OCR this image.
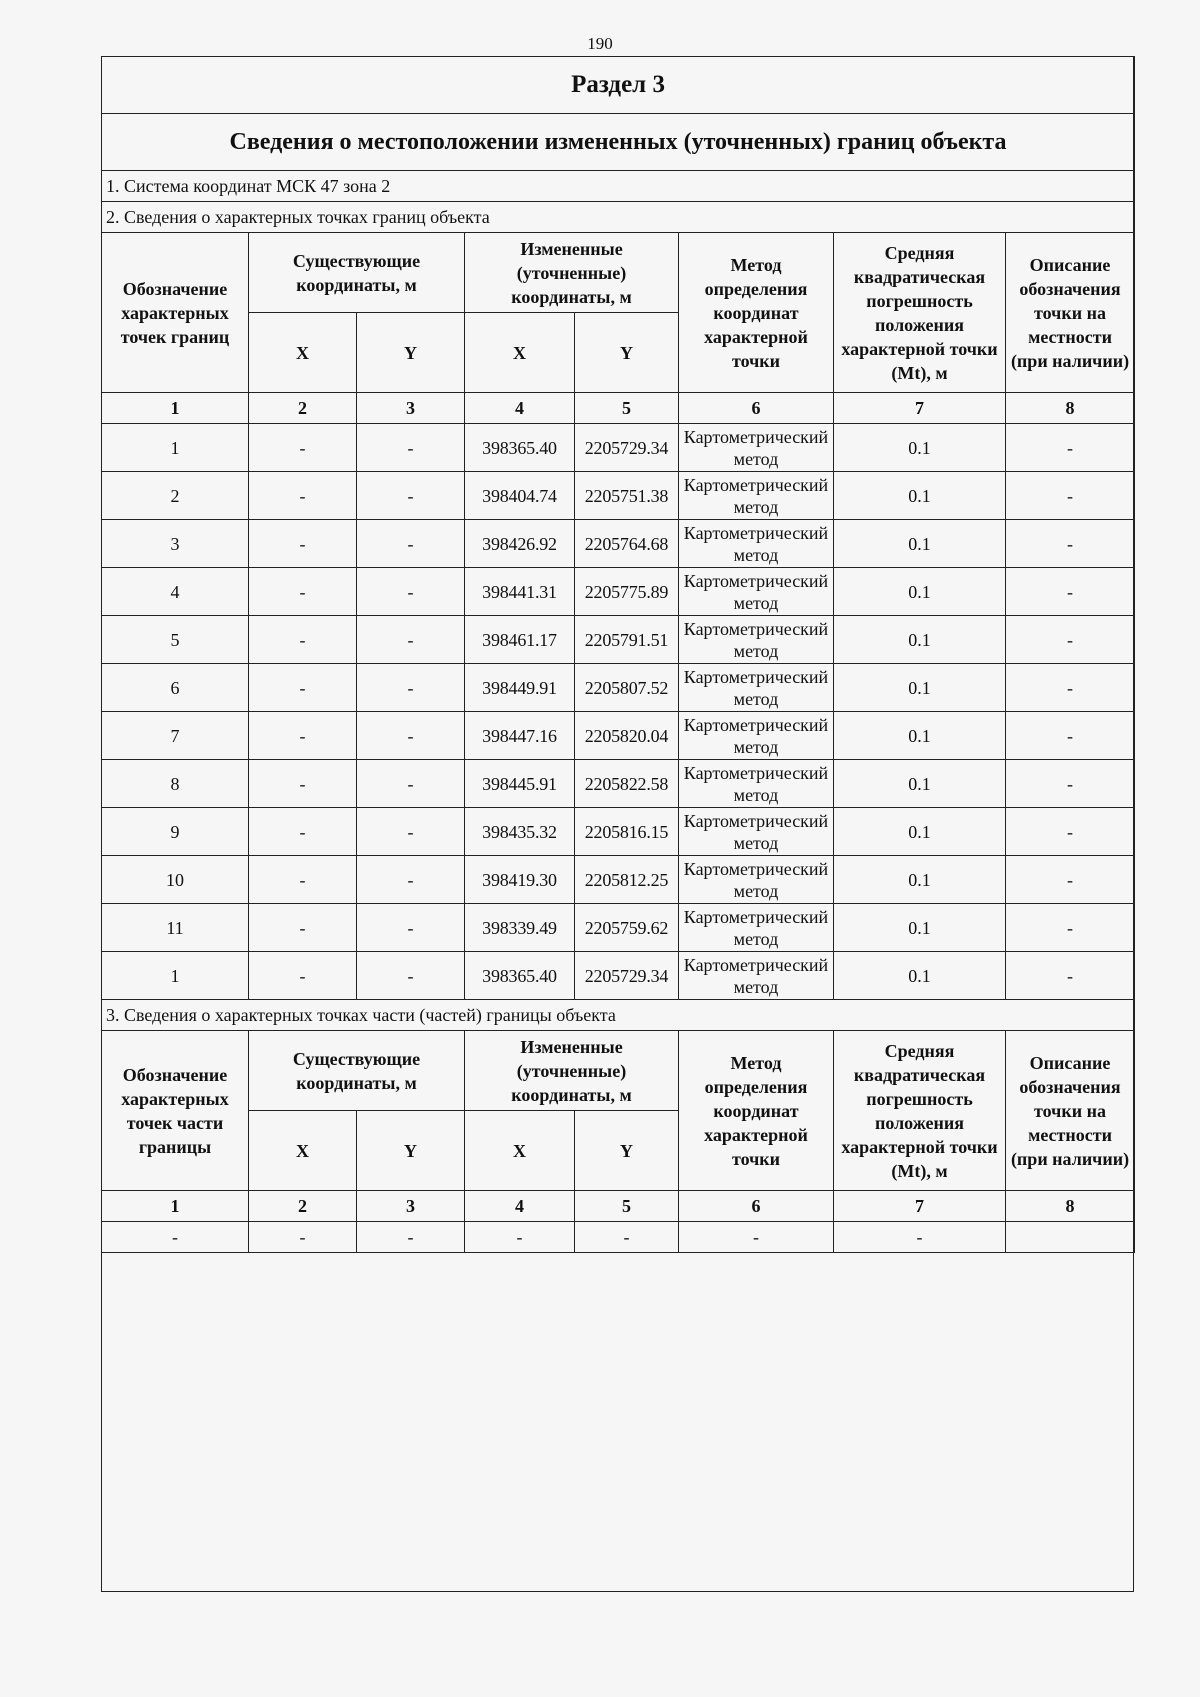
190
Раздел 3							
Сведения о местоположении измененных (уточненных) границ объекта							
1. Система координат МСК 47 зона 2							
2. Сведения о характерных точках границ объекта							
Обозначение характерных точек границ	Существующие координаты, м		Измененные (уточненные) координаты, м		Метод определения координат характерной точки	Средняя квадратическая погрешность положения характерной точки (Mt), м	Описание обозначения точки на местности (при наличии)
	X	Y	X	Y			
1	2	3	4	5	6	7	8
1	-	-	398365.40	2205729.34	Картометрический метод	0.1	-
2	-	-	398404.74	2205751.38	Картометрический метод	0.1	-
3	-	-	398426.92	2205764.68	Картометрический метод	0.1	-
4	-	-	398441.31	2205775.89	Картометрический метод	0.1	-
5	-	-	398461.17	2205791.51	Картометрический метод	0.1	-
6	-	-	398449.91	2205807.52	Картометрический метод	0.1	-
7	-	-	398447.16	2205820.04	Картометрический метод	0.1	-
8	-	-	398445.91	2205822.58	Картометрический метод	0.1	-
9	-	-	398435.32	2205816.15	Картометрический метод	0.1	-
10	-	-	398419.30	2205812.25	Картометрический метод	0.1	-
11	-	-	398339.49	2205759.62	Картометрический метод	0.1	-
1	-	-	398365.40	2205729.34	Картометрический метод	0.1	-
3. Сведения о характерных точках части (частей) границы объекта							
Обозначение характерных точек части границы	Существующие координаты, м		Измененные (уточненные) координаты, м		Метод определения координат характерной точки	Средняя квадратическая погрешность положения характерной точки (Mt), м	Описание обозначения точки на местности (при наличии)
	X	Y	X	Y			
1	2	3	4	5	6	7	8
-	-	-	-	-	-	-	
